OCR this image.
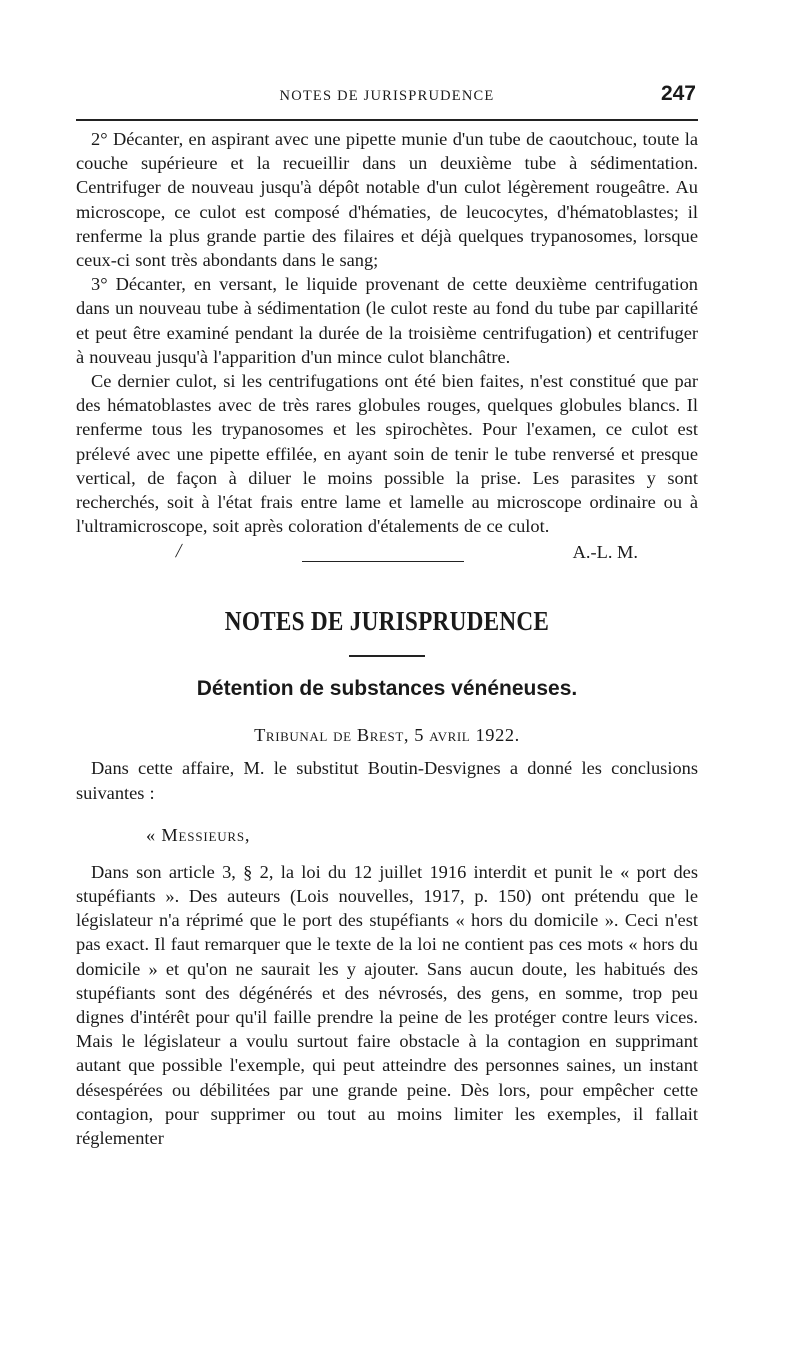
NOTES DE JURISPRUDENCE	247

2° Décanter, en aspirant avec une pipette munie d'un tube de caoutchouc, toute la couche supérieure et la recueillir dans un deuxième tube à sédimentation. Centrifuger de nouveau jusqu'à dépôt notable d'un culot légèrement rougeâtre. Au microscope, ce culot est composé d'hématies, de leucocytes, d'hématoblastes; il renferme la plus grande partie des filaires et déjà quelques trypanosomes, lorsque ceux-ci sont très abondants dans le sang;

3° Décanter, en versant, le liquide provenant de cette deuxième centrifugation dans un nouveau tube à sédimentation (le culot reste au fond du tube par capillarité et peut être examiné pendant la durée de la troisième centrifugation) et centrifuger à nouveau jusqu'à l'apparition d'un mince culot blanchâtre.

Ce dernier culot, si les centrifugations ont été bien faites, n'est constitué que par des hématoblastes avec de très rares globules rouges, quelques globules blancs. Il renferme tous les trypanosomes et les spirochètes. Pour l'examen, ce culot est prélevé avec une pipette effilée, en ayant soin de tenir le tube renversé et presque vertical, de façon à diluer le moins possible la prise. Les parasites y sont recherchés, soit à l'état frais entre lame et lamelle au microscope ordinaire ou à l'ultramicroscope, soit après coloration d'étalements de ce culot.

/	A.-L. M.
NOTES DE JURISPRUDENCE
Détention de substances vénéneuses.
Tribunal de Brest, 5 avril 1922.

Dans cette affaire, M. le substitut Boutin-Desvignes a donné les conclusions suivantes :

« Messieurs,

Dans son article 3, § 2, la loi du 12 juillet 1916 interdit et punit le « port des stupéfiants ». Des auteurs (Lois nouvelles, 1917, p. 150) ont prétendu que le législateur n'a réprimé que le port des stupéfiants « hors du domicile ». Ceci n'est pas exact. Il faut remarquer que le texte de la loi ne contient pas ces mots « hors du domicile » et qu'on ne saurait les y ajouter. Sans aucun doute, les habitués des stupéfiants sont des dégénérés et des névrosés, des gens, en somme, trop peu dignes d'intérêt pour qu'il faille prendre la peine de les protéger contre leurs vices. Mais le législateur a voulu surtout faire obstacle à la contagion en supprimant autant que possible l'exemple, qui peut atteindre des personnes saines, un instant désespérées ou débilitées par une grande peine. Dès lors, pour empêcher cette contagion, pour supprimer ou tout au moins limiter les exemples, il fallait réglementer
